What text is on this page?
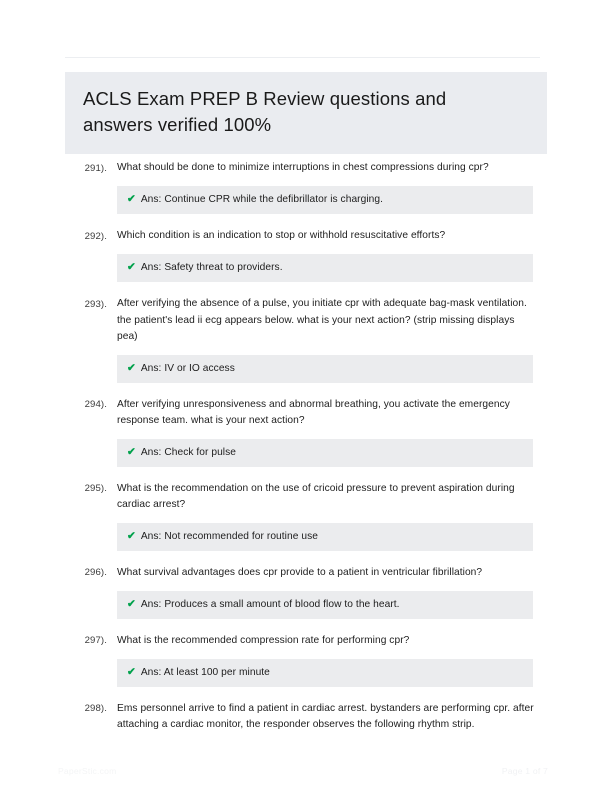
ACLS Exam PREP B Review questions and
answers verified 100%
291). What should be done to minimize interruptions in chest compressions during cpr?
✔ Ans: Continue CPR while the defibrillator is charging.
292). Which condition is an indication to stop or withhold resuscitative efforts?
✔ Ans: Safety threat to providers.
293). After verifying the absence of a pulse, you initiate cpr with adequate bag-mask ventilation. the patient's lead ii ecg appears below. what is your next action? (strip missing displays pea)
✔ Ans: IV or IO access
294). After verifying unresponsiveness and abnormal breathing, you activate the emergency response team. what is your next action?
✔ Ans: Check for pulse
295). What is the recommendation on the use of cricoid pressure to prevent aspiration during cardiac arrest?
✔ Ans: Not recommended for routine use
296). What survival advantages does cpr provide to a patient in ventricular fibrillation?
✔ Ans: Produces a small amount of blood flow to the heart.
297). What is the recommended compression rate for performing cpr?
✔ Ans: At least 100 per minute
298). Ems personnel arrive to find a patient in cardiac arrest. bystanders are performing cpr. after attaching a cardiac monitor, the responder observes the following rhythm strip.
PaperStic.com	Page 1 of 7
